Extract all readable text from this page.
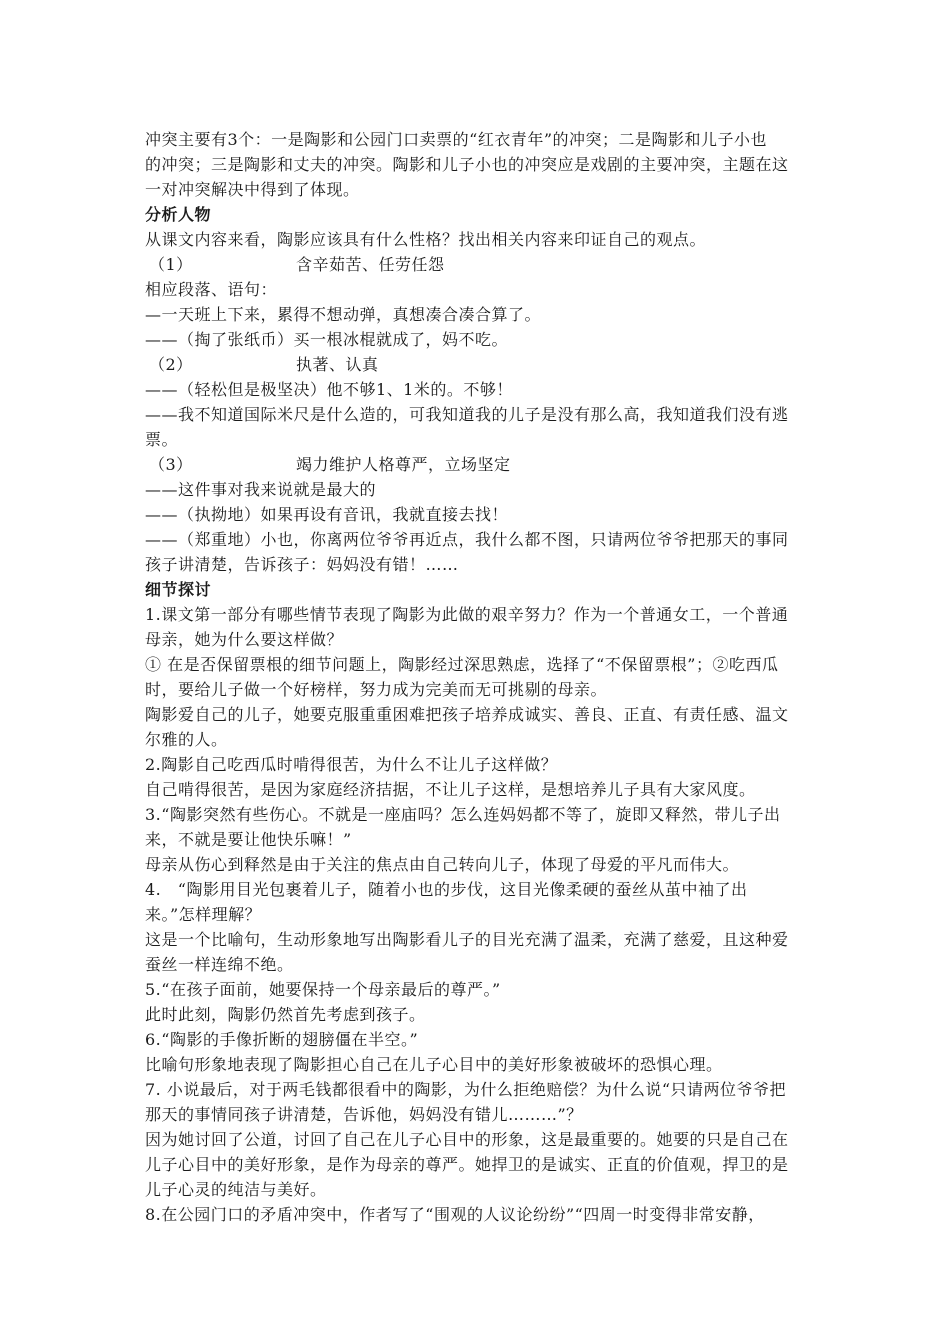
冲突主要有3个：一是陶影和公园门口卖票的“红衣青年”的冲突；二是陶影和儿子小也
的冲突；三是陶影和丈夫的冲突。陶影和儿子小也的冲突应是戏剧的主要冲突，主题在这
一对冲突解决中得到了体现。
分析人物
从课文内容来看，陶影应该具有什么性格？找出相关内容来印证自己的观点。
（1）	含辛茹苦、任劳任怨
相应段落、语句：
—一天班上下来，累得不想动弹，真想凑合凑合算了。
——（掏了张纸币）买一根冰棍就成了，妈不吃。
（2）	执著、认真
——（轻松但是极坚决）他不够1、1米的。不够！
——我不知道国际米尺是什么造的，可我知道我的儿子是没有那么高，我知道我们没有逃
票。
（3）	竭力维护人格尊严，立场坚定
——这件事对我来说就是最大的
——（执拗地）如果再设有音讯，我就直接去找！
——（郑重地）小也，你离两位爷爷再近点，我什么都不图，只请两位爷爷把那天的事同
孩子讲清楚，告诉孩子：妈妈没有错！……
细节探讨
1.课文第一部分有哪些情节表现了陶影为此做的艰辛努力？作为一个普通女工，一个普通
母亲，她为什么要这样做？
① 在是否保留票根的细节问题上，陶影经过深思熟虑，选择了“不保留票根”；②吃西瓜
时，要给儿子做一个好榜样，努力成为完美而无可挑剔的母亲。
陶影爱自己的儿子，她要克服重重困难把孩子培养成诚实、善良、正直、有责任感、温文
尔雅的人。
2.陶影自己吃西瓜时啃得很苦，为什么不让儿子这样做？
自己啃得很苦，是因为家庭经济拮据，不让儿子这样，是想培养儿子具有大家风度。
3.“陶影突然有些伤心。不就是一座庙吗？怎么连妈妈都不等了，旋即又释然，带儿子出
来，不就是要让他快乐嘛！”
母亲从伤心到释然是由于关注的焦点由自己转向儿子，体现了母爱的平凡而伟大。
4.　“陶影用目光包裹着儿子，随着小也的步伐，这目光像柔硬的蚕丝从茧中袖了出
来。”怎样理解？
这是一个比喻句，生动形象地写出陶影看儿子的目光充满了温柔，充满了慈爱，且这种爱
蚕丝一样连绵不绝。
5.“在孩子面前，她要保持一个母亲最后的尊严。”
此时此刻，陶影仍然首先考虑到孩子。
6.“陶影的手像折断的翅膀僵在半空。”
比喻句形象地表现了陶影担心自己在儿子心目中的美好形象被破坏的恐惧心理。
7. 小说最后，对于两毛钱都很看中的陶影，为什么拒绝赔偿？为什么说“只请两位爷爷把
那天的事情同孩子讲清楚，告诉他，妈妈没有错儿………”？
因为她讨回了公道，讨回了自己在儿子心目中的形象，这是最重要的。她要的只是自己在
儿子心目中的美好形象，是作为母亲的尊严。她捍卫的是诚实、正直的价值观，捍卫的是
儿子心灵的纯洁与美好。
8.在公园门口的矛盾冲突中，作者写了“围观的人议论纷纷”“四周一时变得非常安静，
